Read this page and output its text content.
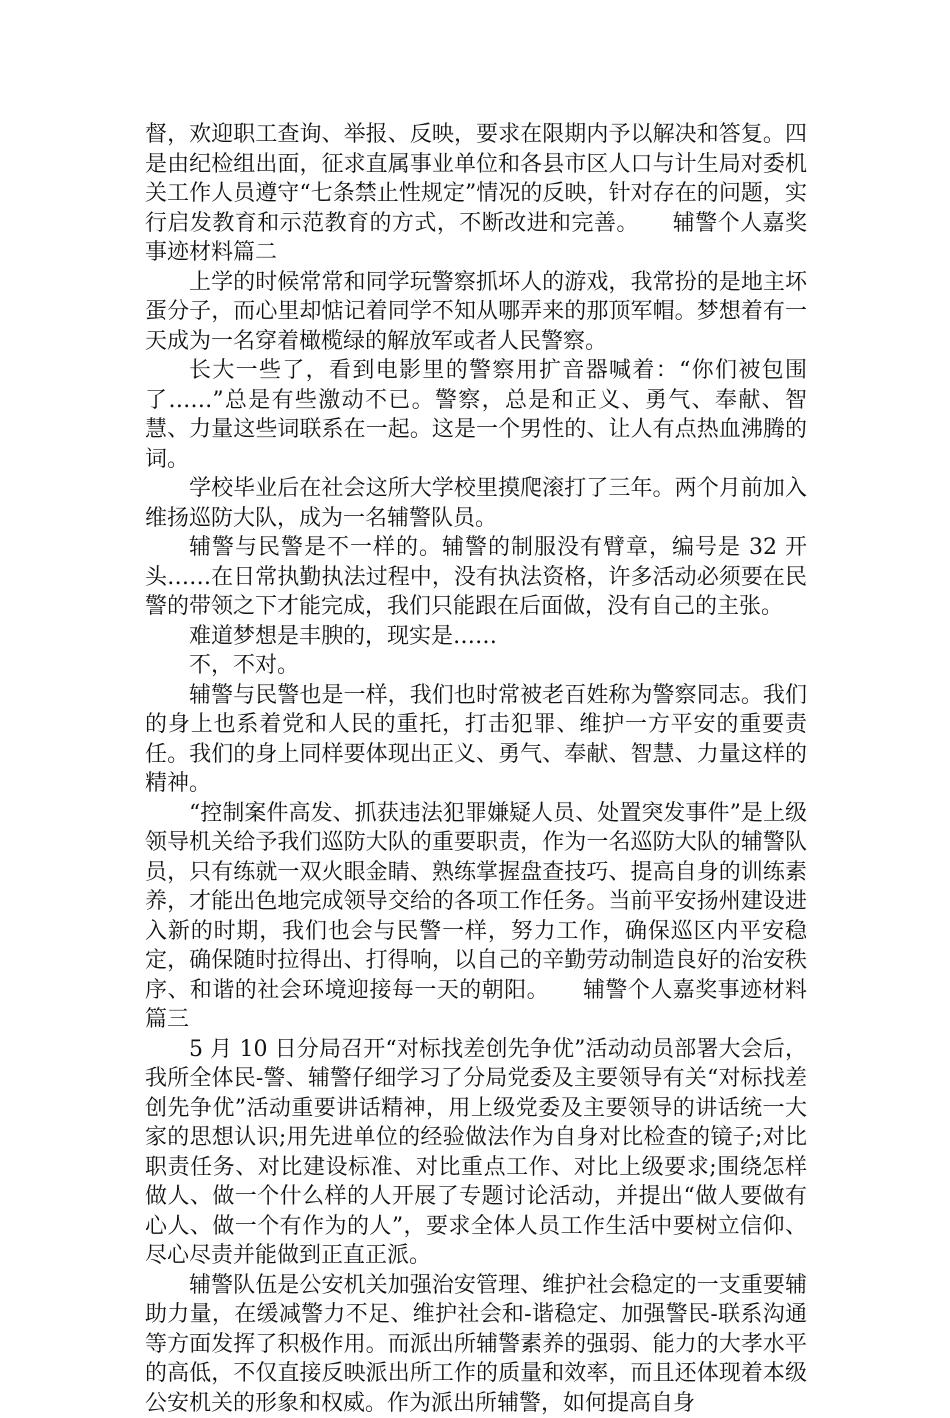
督，欢迎职工查询、举报、反映，要求在限期内予以解决和答复。四是由纪检组出面，征求直属事业单位和各县市区人口与计生局对委机关工作人员遵守“七条禁止性规定”情况的反映，针对存在的问题，实行启发教育和示范教育的方式，不断改进和完善。　　辅警个人嘉奖事迹材料篇二

上学的时候常常和同学玩警察抓坏人的游戏，我常扮的是地主坏蛋分子，而心里却惦记着同学不知从哪弄来的那顶军帽。梦想着有一天成为一名穿着橄榄绿的解放军或者人民警察。

长大一些了，看到电影里的警察用扩音器喊着：“你们被包围了……”总是有些激动不已。警察，总是和正义、勇气、奉献、智慧、力量这些词联系在一起。这是一个男性的、让人有点热血沸腾的词。

学校毕业后在社会这所大学校里摸爬滚打了三年。两个月前加入维扬巡防大队，成为一名辅警队员。

辅警与民警是不一样的。辅警的制服没有臂章，编号是 32 开头……在日常执勤执法过程中，没有执法资格，许多活动必须要在民警的带领之下才能完成，我们只能跟在后面做，没有自己的主张。

难道梦想是丰腴的，现实是……

不，不对。

辅警与民警也是一样，我们也时常被老百姓称为警察同志。我们的身上也系着党和人民的重托，打击犯罪、维护一方平安的重要责任。我们的身上同样要体现出正义、勇气、奉献、智慧、力量这样的精神。

“控制案件高发、抓获违法犯罪嫌疑人员、处置突发事件”是上级领导机关给予我们巡防大队的重要职责，作为一名巡防大队的辅警队员，只有练就一双火眼金睛、熟练掌握盘查技巧、提高自身的训练素养，才能出色地完成领导交给的各项工作任务。当前平安扬州建设进入新的时期，我们也会与民警一样，努力工作，确保巡区内平安稳定，确保随时拉得出、打得响，以自己的辛勤劳动制造良好的治安秩序、和谐的社会环境迎接每一天的朝阳。　　辅警个人嘉奖事迹材料篇三

5 月 10 日分局召开“对标找差创先争优”活动动员部署大会后，我所全体民-警、辅警仔细学习了分局党委及主要领导有关“对标找差创先争优”活动重要讲话精神，用上级党委及主要领导的讲话统一大家的思想认识;用先进单位的经验做法作为自身对比检查的镜子;对比职责任务、对比建设标准、对比重点工作、对比上级要求;围绕怎样做人、做一个什么样的人开展了专题讨论活动，并提出“做人要做有心人、做一个有作为的人”，要求全体人员工作生活中要树立信仰、尽心尽责并能做到正直正派。

辅警队伍是公安机关加强治安管理、维护社会稳定的一支重要辅助力量，在缓减警力不足、维护社会和-谐稳定、加强警民-联系沟通等方面发挥了积极作用。而派出所辅警素养的强弱、能力的大孝水平的高低，不仅直接反映派出所工作的质量和效率，而且还体现着本级公安机关的形象和权威。作为派出所辅警，如何提高自身
